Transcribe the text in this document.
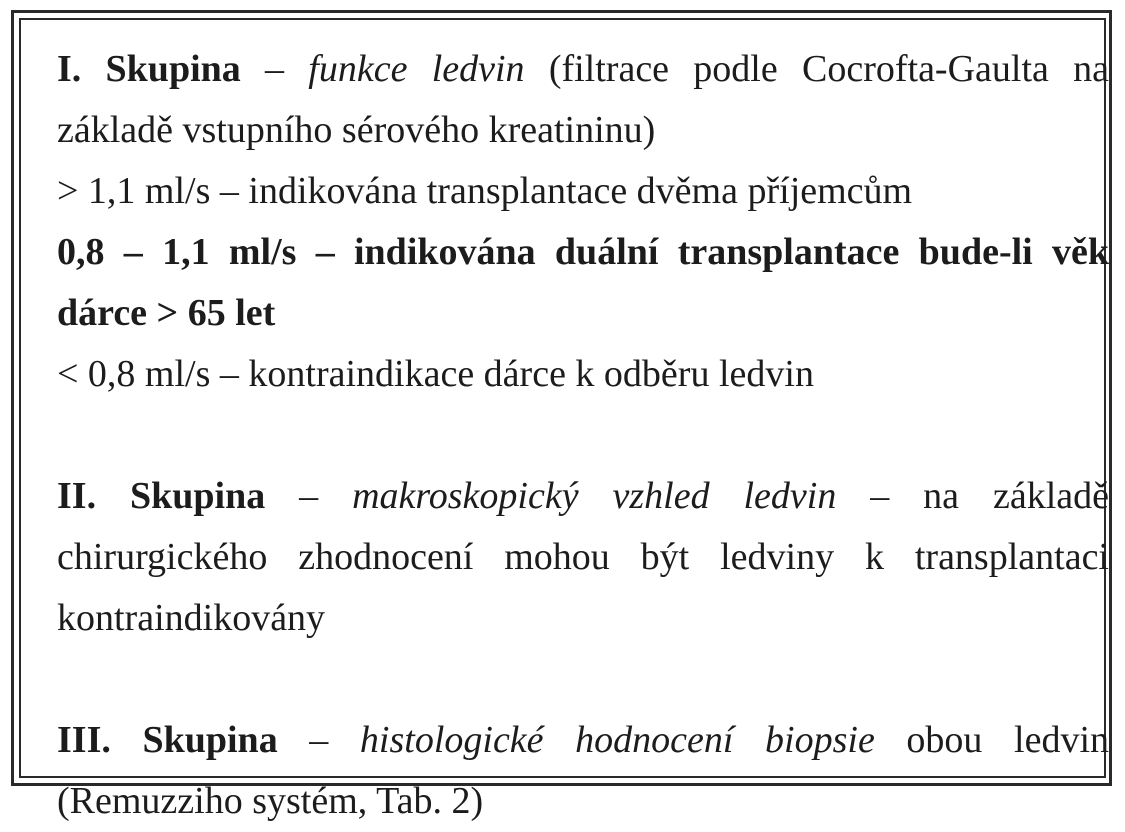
I. Skupina – funkce ledvin (filtrace podle Cocrofta-Gaulta na základě vstupního sérového kreatininu)

> 1,1 ml/s – indikována transplantace dvěma příjemcům

0,8 – 1,1 ml/s – indikována duální transplantace bude-li věk dárce > 65 let

< 0,8 ml/s – kontraindikace dárce k odběru ledvin

II. Skupina – makroskopický vzhled ledvin – na základě chirurgického zhodnocení mohou být ledviny k transplantaci kontraindikovány

III. Skupina – histologické hodnocení biopsie obou ledvin (Remuzziho systém, Tab. 2)
